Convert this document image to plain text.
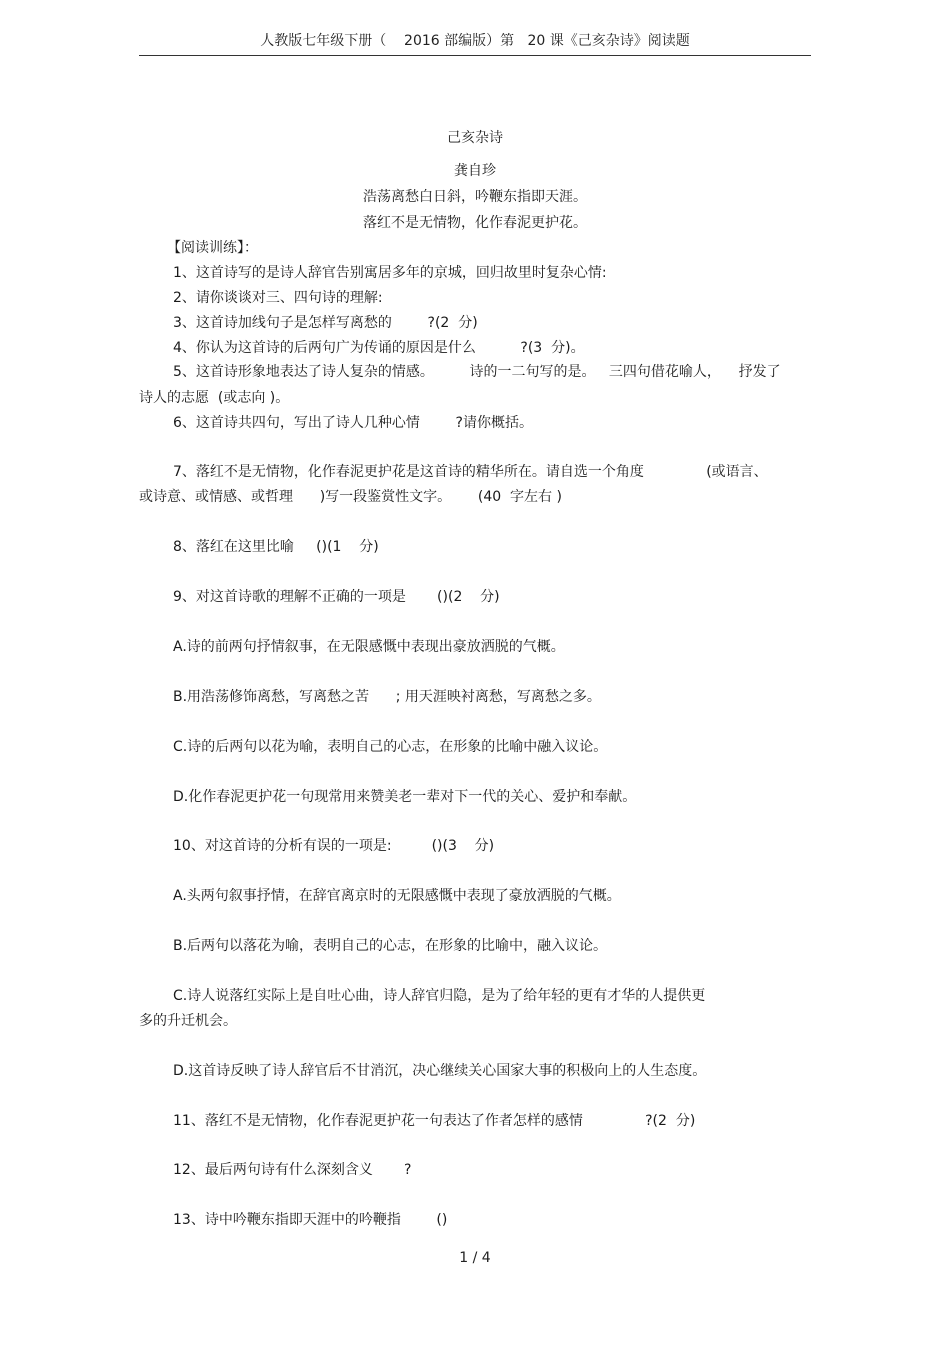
人教版七年级下册（    2016 部编版）第   20 课《己亥杂诗》阅读题
己亥杂诗
龚自珍
浩荡离愁白日斜，吟鞭东指即天涯。
落红不是无情物，化作春泥更护花。
【阅读训练】：
1、这首诗写的是诗人辞官告别寓居多年的京城，回归故里时复杂心情:
2、请你谈谈对三、四句诗的理解:
3、这首诗加线句子是怎样写离愁的        ?(2  分)
4、你认为这首诗的后两句广为传诵的原因是什么          ?(3  分)。
5、这首诗形象地表达了诗人复杂的情感。        诗的一二句写的是。   三四句借花喻人，    抒发了
诗人的志愿  (或志向 )。
6、这首诗共四句，写出了诗人几种心情        ?请你概括。
7、落红不是无情物，化作春泥更护花是这首诗的精华所在。请自选一个角度              (或语言、
或诗意、或情感、或哲理      )写一段鉴赏性文字。      (40  字左右 )
8、落红在这里比喻     ()(1    分)
9、对这首诗歌的理解不正确的一项是       ()(2    分)
A.诗的前两句抒情叙事，在无限感慨中表现出豪放洒脱的气概。
B.用浩荡修饰离愁，写离愁之苦      ; 用天涯映衬离愁，写离愁之多。
C.诗的后两句以花为喻，表明自己的心志，在形象的比喻中融入议论。
D.化作春泥更护花一句现常用来赞美老一辈对下一代的关心、爱护和奉献。
10、对这首诗的分析有误的一项是:         ()(3    分)
A.头两句叙事抒情，在辞官离京时的无限感慨中表现了豪放洒脱的气概。
B.后两句以落花为喻，表明自己的心志，在形象的比喻中，融入议论。
C.诗人说落红实际上是自吐心曲，诗人辞官归隐，是为了给年轻的更有才华的人提供更
多的升迁机会。
D.这首诗反映了诗人辞官后不甘消沉，决心继续关心国家大事的积极向上的人生态度。
11、落红不是无情物，化作春泥更护花一句表达了作者怎样的感情              ?(2  分)
12、最后两句诗有什么深刻含义       ?
13、诗中吟鞭东指即天涯中的吟鞭指        ()
1 / 4
